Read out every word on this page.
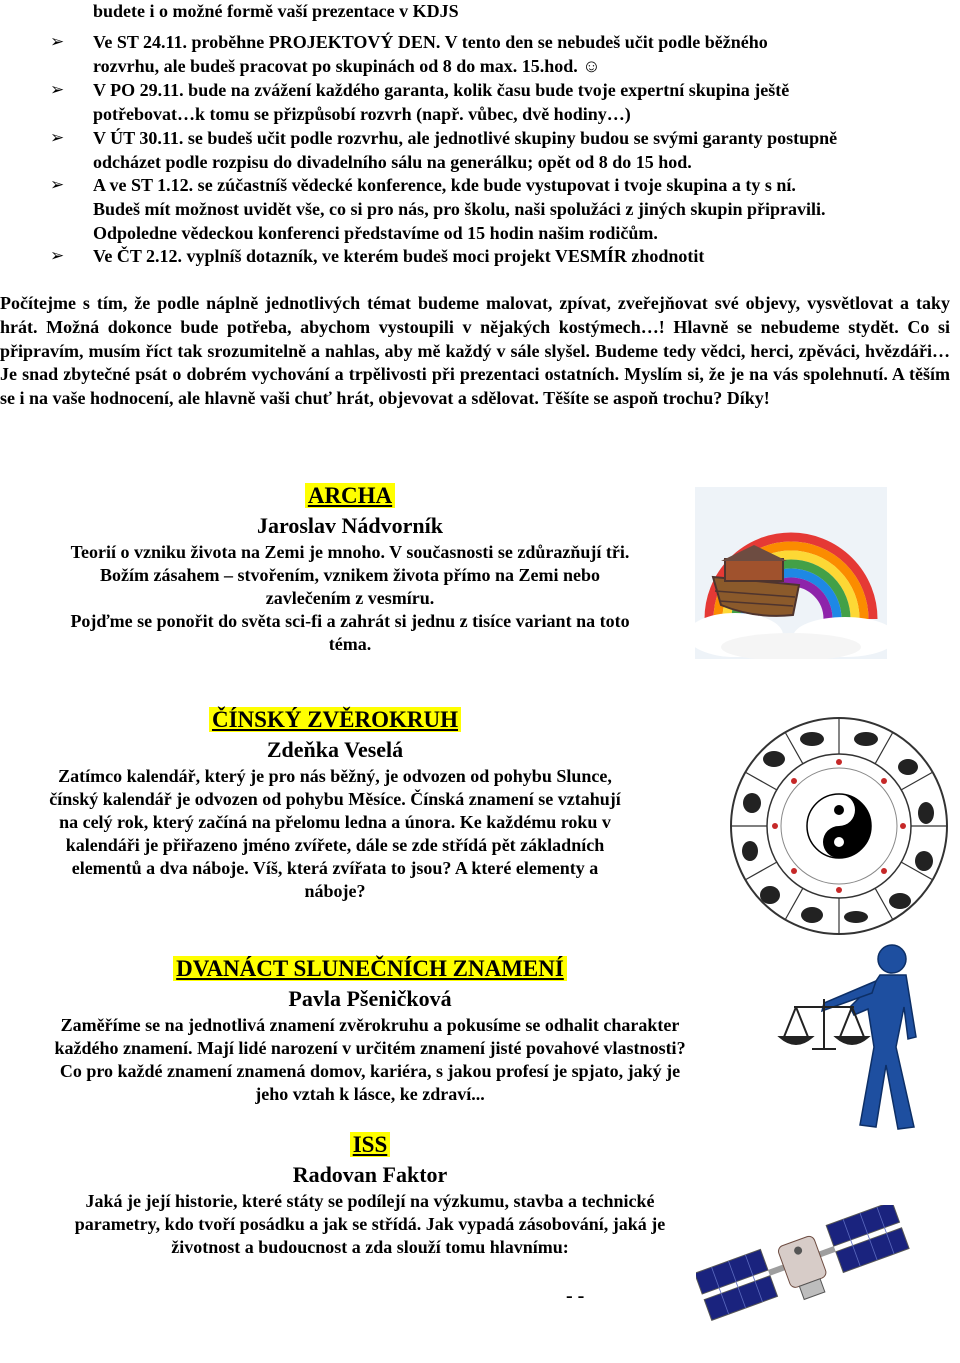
budete i o možné formě vaší prezentace v KDJS
➢ Ve ST 24.11. proběhne PROJEKTOVÝ DEN. V tento den se nebudeš učit podle běžného
rozvrhu, ale budeš pracovat po skupinách od 8 do max. 15.hod. ☺
➢ V PO 29.11. bude na zvážení každého garanta, kolik času bude tvoje expertní skupina ještě
potřebovat…k tomu se přizpůsobí rozvrh (např. vůbec, dvě hodiny…)
➢ V ÚT 30.11. se budeš učit podle rozvrhu, ale jednotlivé skupiny budou se svými garanty postupně
odcházet podle rozpisu do divadelního sálu na generálku; opět od 8 do 15 hod.
➢ A ve ST 1.12. se zúčastníš vědecké konference, kde bude vystupovat i tvoje skupina a ty s ní.
Budeš mít možnost uvidět vše, co si pro nás, pro školu, naši spolužáci z jiných skupin připravili.
Odpoledne vědeckou konferenci představíme od 15 hodin našim rodičům.
➢ Ve ČT 2.12. vyplníš dotazník, ve kterém budeš moci projekt VESMÍR zhodnotit
Počítejme s tím, že podle náplně jednotlivých témat budeme malovat, zpívat, zveřejňovat své objevy, vysvětlovat a taky hrát. Možná dokonce bude potřeba, abychom vystoupili v nějakých kostýmech…! Hlavně se nebudeme stydět. Co si připravím, musím říct tak srozumitelně a nahlas, aby mě každý v sále slyšel. Budeme tedy vědci, herci, zpěváci, hvězdáři… Je snad zbytečné psát o dobrém vychování a trpělivosti při prezentaci ostatních. Myslím si, že je na vás spolehnutí. A těším se i na vaše hodnocení, ale hlavně vaši chuť hrát, objevovat a sdělovat. Těšíte se aspoň trochu? Díky!
ARCHA
Jaroslav Nádvorník
Teorií o vzniku života na Zemi je mnoho. V současnosti se zdůrazňují tři.
Božím zásahem – stvořením, vznikem života přímo na Zemi nebo
zavlečením z vesmíru.
Pojďme se ponořit do světa sci-fi a zahrát si jednu z tisíce variant na toto
téma.
ČÍNSKÝ ZVĚROKRUH
Zdeňka Veselá
Zatímco kalendář, který je pro nás běžný, je odvozen od pohybu Slunce,
čínský kalendář je odvozen od pohybu Měsíce. Čínská znamení se vztahují
na celý rok, který začíná na přelomu ledna a února. Ke každému roku v
kalendáři je přiřazeno jméno zvířete, dále se zde střídá pět základních
elementů a dva náboje. Víš, která zvířata to jsou? A které elementy a
náboje?
DVANÁCT SLUNEČNÍCH ZNAMENÍ
Pavla Pšeničková
Zaměříme se na jednotlivá znamení zvěrokruhu a pokusíme se odhalit charakter
každého znamení. Mají lidé narození v určitém znamení jisté povahové vlastnosti?
Co pro každé znamení znamená domov, kariéra, s jakou profesí je spjato, jaký je
jeho vztah k lásce, ke zdraví...
ISS
Radovan Faktor
Jaká je její historie, které státy se podílejí na výzkumu, stavba a technické
parametry, kdo tvoří posádku a jak se střídá. Jak vypadá zásobování, jaká je
životnost a budoucnost a zda slouží tomu hlavnímu:
- -
